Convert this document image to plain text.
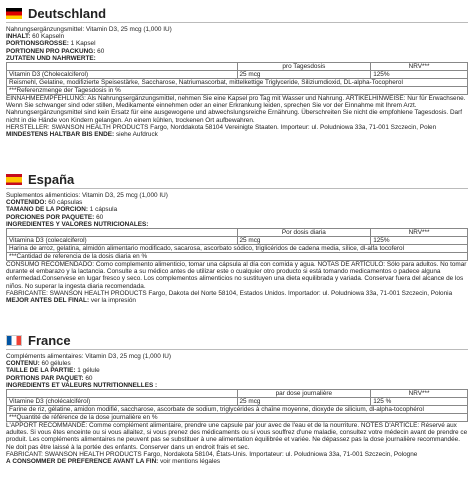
Deutschland
Nahrungsergänzungsmittel: Vitamin D3, 25 mcg (1,000 IU)
INHALT: 60 Kapseln
PORTIONSGRÖSSE: 1 Kapsel
PORTIONEN PRO PACKUNG: 60
ZUTATEN UND NÄHRWERTE:
	pro Tagesdosis	NRV***
Vitamin D3 (Cholecalciferol)	25 mcg	125%
Reismehl, Gelatine, modifizierte Speisestärke, Saccharose, Natriumascorbat, mittelkettige Triglyceride, Siliziumdioxid, DL-alpha-Tocopherol		
***Referenzmenge der Tagesdosis in %		
EINNAHMEEMPFEHLUNG: Als Nahrungsergänzungsmittel, nehmen Sie eine Kapsel pro Tag mit Wasser und Nahrung. ARTIKELHINWEISE: Nur für Erwachsene. Wenn Sie schwanger sind oder stillen, Medikamente einnehmen oder an einer Erkrankung leiden, sprechen Sie vor der Einnahme mit Ihrem Arzt. Nahrungsergänzungsmittel sind kein Ersatz für eine ausgewogene und abwechslungsreiche Ernährung. Überschreiten Sie nicht die empfohlene Tagesdosis. Darf nicht in die Hände von Kindern gelangen. An einem kühlen, trockenen Ort aufbewahren.
HERSTELLER: SWANSON HEALTH PRODUCTS Fargo, Norddakota 58104 Vereinigte Staaten. Importeur: ul. Poludniowa 33a, 71-001 Szczecin, Polen
MINDESTENS HALTBAR BIS ENDE: siehe Aufdruck
España
Suplementos alimenticios: Vitamin D3, 25 mcg (1,000 IU)
CONTENIDO: 60 cápsulas
TAMAÑO DE LA PORCIÓN: 1 cápsula
PORCIONES POR PAQUETE: 60
INGREDIENTES Y VALORES NUTRICIONALES:
	Por dosis diaria	NRV***
Vitamina D3 (colecalciferol)	25 mcg	125%
Harina de arroz, gelatina, almidón alimentario modificado, sacarosa, ascorbato sódico, triglicéridos de cadena media, sílice, dl-alfa tocoferol		
***Cantidad de referencia de la dosis diaria en %		
CONSUMO RECOMENDADO: Como complemento alimenticio, tomar una cápsula al día con comida y agua. NOTAS DE ARTÍCULO: Sólo para adultos. No tomar durante el embarazo y la lactancia. Consulte a su médico antes de utilizar este o cualquier otro producto si está tomando medicamentos o padece alguna enfermedad.Conservese en lugar fresco y seco. Los complementos alimenticios no sustituyen una dieta equilibrada y variada. Conservar fuera del alcance de los niños. No superar la ingesta diaria recomendada.
FABRICANTE: SWANSON HEALTH PRODUCTS Fargo, Dakota del Norte 58104, Estados Unidos. Importador: ul. Poludniowa 33a, 71-001 Szczecin, Polonia
MEJOR ANTES DEL FINAL: ver la impresión
France
Compléments alimentaires: Vitamin D3, 25 mcg (1,000 IU)
CONTENU: 60 gélules
TAILLE DE LA PARTIE: 1 gélule
PORTIONS PAR PAQUET: 60
INGRÉDIENTS ET VALEURS NUTRITIONNELLES :
	par dose journalière	NRV***
Vitamine D3 (cholécalciférol)	25 mcg	125 %
Farine de riz, gélatine, amidon modifié, saccharose, ascorbate de sodium, triglycérides à chaîne moyenne, dioxyde de silicium, dl-alpha-tocophérol		
***Quantité de référence de la dose journalière en %		
L'APPORT RECOMMANDÉ: Comme complément alimentaire, prendre une capsule par jour avec de l'eau et de la nourriture. NOTES D'ARTICLE: Réservé aux adultes. Si vous êtes enceinte ou si vous allaitez, si vous prenez des médicaments ou si vous souffrez d'une maladie, consultez votre médecin avant de prendre ce produit. Les compléments alimentaires ne peuvent pas se substituer à une alimentation équilibrée et variée. Ne dépassez pas la dose journalière recommandée. Ne doit pas être laissé à la portée des enfants. Conserver dans un endroit frais et sec.
FABRICANT: SWANSON HEALTH PRODUCTS Fargo, Nordakota 58104, États-Unis. Importateur: ul. Poludniowa 33a, 71-001 Szczecin, Pologne
À CONSOMMER DE PRÉFÉRENCE AVANT LA FIN: voir mentions légales
